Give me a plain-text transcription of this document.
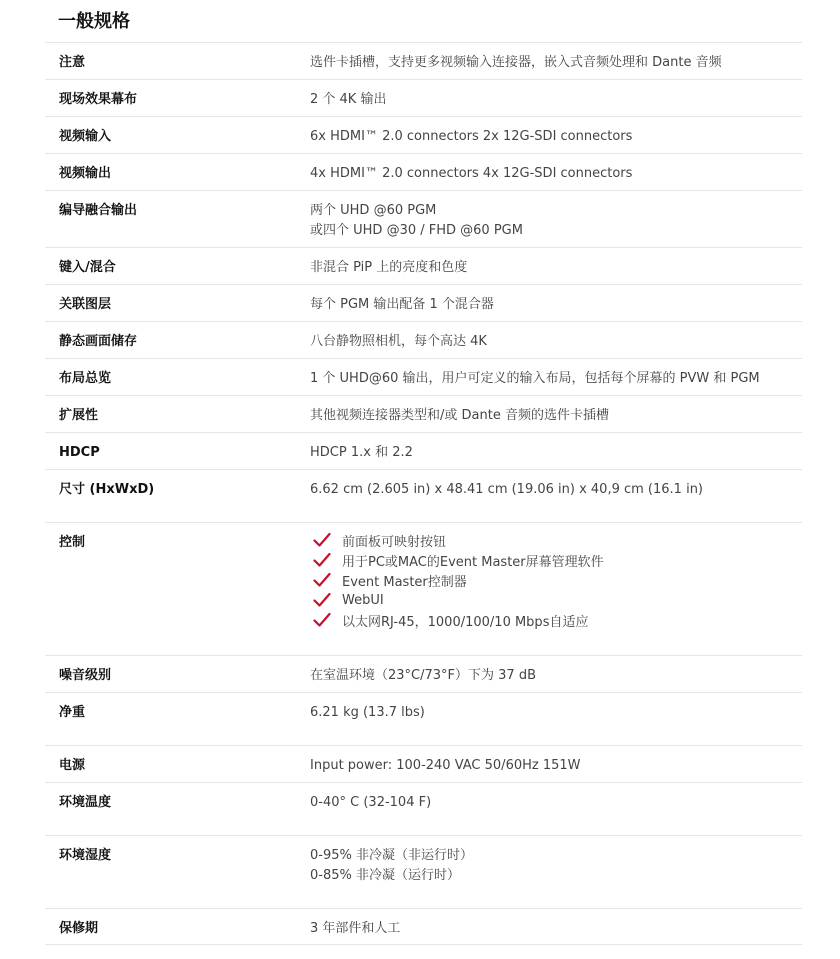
一般规格
注意	选件卡插槽，支持更多视频输入连接器，嵌入式音频处理和 Dante 音频
现场效果幕布	2 个 4K 输出
视频输入	6x HDMI™ 2.0 connectors 2x 12G-SDI connectors
视频输出	4x HDMI™ 2.0 connectors 4x 12G-SDI connectors
编导融合输出	两个 UHD @60 PGM
或四个 UHD @30 / FHD @60 PGM
键入/混合	非混合 PiP 上的亮度和色度
关联图层	每个 PGM 输出配备 1 个混合器
静态画面储存	八台静物照相机，每个高达 4K
布局总览	1 个 UHD@60 输出，用户可定义的输入布局，包括每个屏幕的 PVW 和 PGM
扩展性	其他视频连接器类型和/或 Dante 音频的选件卡插槽
HDCP	HDCP 1.x 和 2.2
尺寸 (HxWxD)	6.62 cm (2.605 in) x 48.41 cm (19.06 in) x 40,9 cm (16.1 in)
控制	前面板可映射按钮
用于PC或MAC的Event Master屏幕管理软件
Event Master控制器
WebUI
以太网RJ-45，1000/100/10 Mbps自适应
噪音级别	在室温环境（23°C/73°F）下为 37 dB
净重	6.21 kg (13.7 lbs)
电源	Input power: 100-240 VAC 50/60Hz 151W
环境温度	0-40° C (32-104 F)
环境湿度	0-95% 非冷凝（非运行时）
0-85% 非冷凝（运行时）
保修期	3 年部件和人工
